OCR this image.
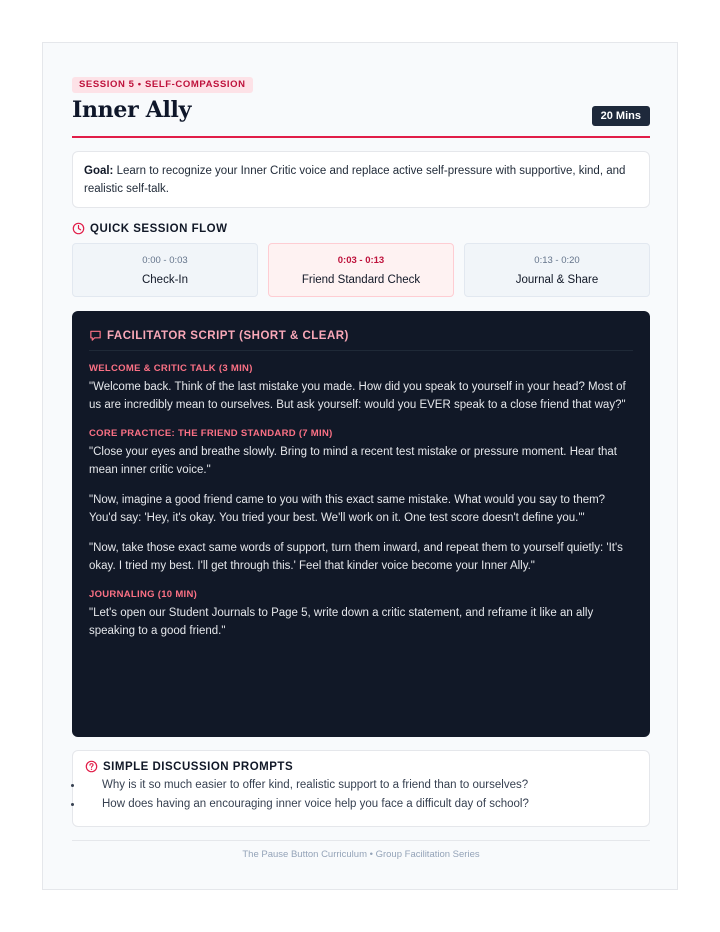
SESSION 5 • SELF-COMPASSION
Inner Ally	20 Mins
Goal: Learn to recognize your Inner Critic voice and replace active self-pressure with supportive, kind, and realistic self-talk.
QUICK SESSION FLOW
0:00 - 0:03
Check-In
0:03 - 0:13
Friend Standard Check
0:13 - 0:20
Journal & Share
FACILITATOR SCRIPT (SHORT & CLEAR)
WELCOME & CRITIC TALK (3 MIN)

"Welcome back. Think of the last mistake you made. How did you speak to yourself in your head? Most of us are incredibly mean to ourselves. But ask yourself: would you EVER speak to a close friend that way?"

CORE PRACTICE: THE FRIEND STANDARD (7 MIN)

"Close your eyes and breathe slowly. Bring to mind a recent test mistake or pressure moment. Hear that mean inner critic voice."

"Now, imagine a good friend came to you with this exact same mistake. What would you say to them? You'd say: 'Hey, it's okay. You tried your best. We'll work on it. One test score doesn't define you.'"

"Now, take those exact same words of support, turn them inward, and repeat them to yourself quietly: 'It's okay. I tried my best. I'll get through this.' Feel that kinder voice become your Inner Ally."

JOURNALING (10 MIN)

"Let's open our Student Journals to Page 5, write down a critic statement, and reframe it like an ally speaking to a good friend."

SIMPLE DISCUSSION PROMPTS
Why is it so much easier to offer kind, realistic support to a friend than to ourselves?
How does having an encouraging inner voice help you face a difficult day of school?
The Pause Button Curriculum • Group Facilitation Series
